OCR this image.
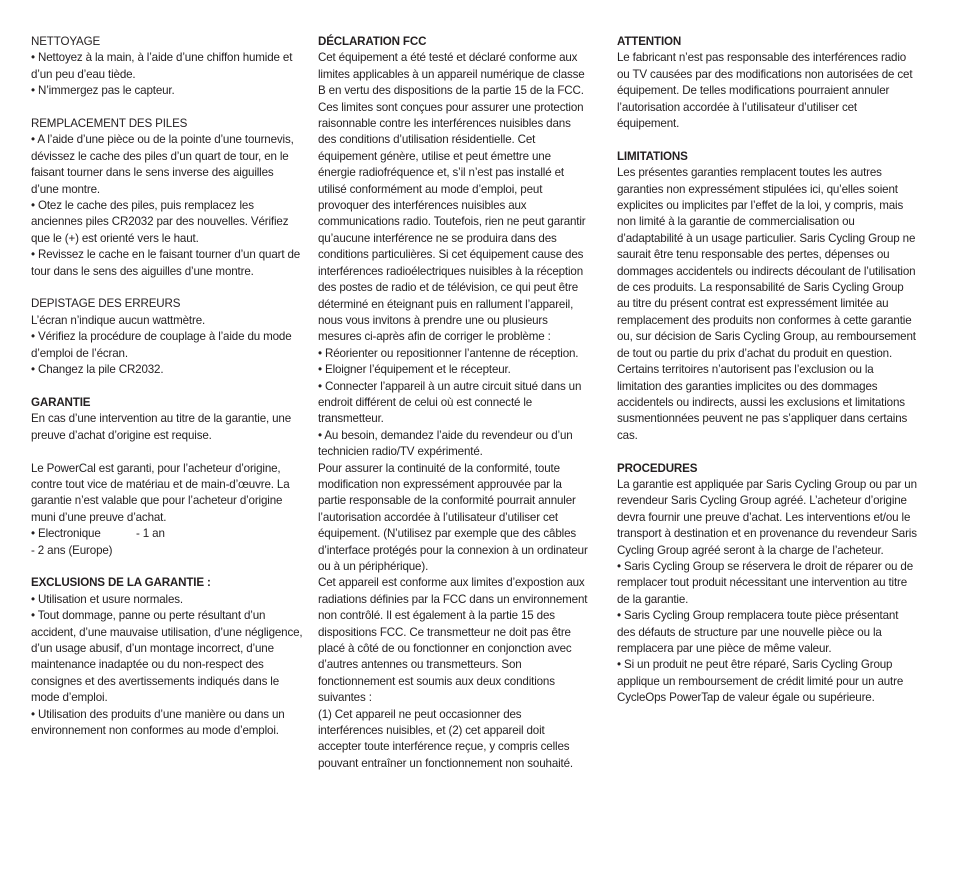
NETTOYAGE
• Nettoyez à la main, à l’aide d’une chiffon humide et d’un peu d’eau tiède.
• N’immergez pas le capteur.
REMPLACEMENT DES PILES
• A l’aide d’une pièce ou de la pointe d’une tournevis, dévissez le cache des piles d’un quart de tour, en le faisant tourner dans le sens inverse des aiguilles d’une montre.
• Otez le cache des piles, puis remplacez les anciennes piles CR2032 par des nouvelles. Vérifiez que le (+) est orienté vers le haut.
• Revissez le cache en le faisant tourner d’un quart de tour dans le sens des aiguilles d’une montre.
DEPISTAGE DES ERREURS
L’écran n’indique aucun wattmètre.
• Vérifiez la procédure de couplage à l’aide du mode d’emploi de l’écran.
• Changez la pile CR2032.
GARANTIE
En cas d’une intervention au titre de la garantie, une preuve d’achat d’origine est requise.
Le PowerCal est garanti, pour l’acheteur d’origine, contre tout vice de matériau et de main-d’œuvre. La garantie n’est valable que pour l’acheteur d’origine muni d’une preuve d’achat.
• Electronique	- 1 an
- 2 ans (Europe)
EXCLUSIONS DE LA GARANTIE :
• Utilisation et usure normales.
• Tout dommage, panne ou perte résultant d’un accident, d’une mauvaise utilisation, d’une négligence, d’un usage abusif, d’un montage incorrect, d’une maintenance inadaptée ou du non-respect des consignes et des avertissements indiqués dans le mode d’emploi.
• Utilisation des produits d’une manière ou dans un environnement non conformes au mode d’emploi.
DÉCLARATION FCC
Cet équipement a été testé et déclaré conforme aux limites applicables à un appareil numérique de classe B en vertu des dispositions de la partie 15 de la FCC. Ces limites sont conçues pour assurer une protection raisonnable contre les interférences nuisibles dans des conditions d’utilisation résidentielle. Cet équipement génère, utilise et peut émettre une énergie radiofréquence et, s’il n’est pas installé et utilisé conformément au mode d’emploi, peut provoquer des interférences nuisibles aux communications radio. Toutefois, rien ne peut garantir qu’aucune interférence ne se produira dans des conditions particulières. Si cet équipement cause des interférences radioélectriques nuisibles à la réception des postes de radio et de télévision, ce qui peut être déterminé en éteignant puis en rallument l’appareil, nous vous invitons à prendre une ou plusieurs mesures ci-après afin de corriger le problème :
• Réorienter ou repositionner l’antenne de réception.
• Eloigner l’équipement et le récepteur.
• Connecter l’appareil à un autre circuit situé dans un endroit différent de celui où est connecté le transmetteur.
• Au besoin, demandez l’aide du revendeur ou d’un technicien radio/TV expérimenté.
Pour assurer la continuité de la conformité, toute modification non expressément approuvée par la partie responsable de la conformité pourrait annuler l’autorisation accordée à l’utilisateur d’utiliser cet équipement. (N’utilisez par exemple que des câbles d’interface protégés pour la connexion à un ordinateur ou à un périphérique).
Cet appareil est conforme aux limites d’expostion aux radiations définies par la FCC dans un environnement non contrôlé. Il est également à la partie 15 des dispositions FCC. Ce transmetteur ne doit pas être placé à côté de ou fonctionner en conjonction avec d’autres antennes ou transmetteurs. Son fonctionnement est soumis aux deux conditions suivantes :
(1) Cet appareil ne peut occasionner des interférences nuisibles, et (2) cet appareil doit accepter toute interférence reçue, y compris celles pouvant entraîner un fonctionnement non souhaité.
ATTENTION
Le fabricant n’est pas responsable des interférences radio ou TV causées par des modifications non autorisées de cet équipement. De telles modifications pourraient annuler l’autorisation accordée à l’utilisateur d’utiliser cet équipement.
LIMITATIONS
Les présentes garanties remplacent toutes les autres garanties non expressément stipulées ici, qu’elles soient explicites ou implicites par l’effet de la loi, y compris, mais non limité à la garantie de commercialisation ou d’adaptabilité à un usage particulier. Saris Cycling Group ne saurait être tenu responsable des pertes, dépenses ou dommages accidentels ou indirects découlant de l’utilisation de ces produits. La responsabilité de Saris Cycling Group au titre du présent contrat est expressément limitée au remplacement des produits non conformes à cette garantie ou, sur décision de Saris Cycling Group, au remboursement de tout ou partie du prix d’achat du produit en question. Certains territoires n’autorisent pas l’exclusion ou la limitation des garanties implicites ou des dommages accidentels ou indirects, aussi les exclusions et limitations susmentionnées peuvent ne pas s’appliquer dans certains cas.
PROCEDURES
La garantie est appliquée par Saris Cycling Group ou par un revendeur Saris Cycling Group agréé. L’acheteur d’origine devra fournir une preuve d’achat. Les interventions et/ou le transport à destination et en provenance du revendeur Saris Cycling Group agréé seront à la charge de l’acheteur.
• Saris Cycling Group se réservera le droit de réparer ou de remplacer tout produit nécessitant une intervention au titre de la garantie.
• Saris Cycling Group remplacera toute pièce présentant des défauts de structure par une nouvelle pièce ou la remplacera par une pièce de même valeur.
• Si un produit ne peut être réparé, Saris Cycling Group applique un remboursement de crédit limité pour un autre CycleOps PowerTap de valeur égale ou supérieure.
